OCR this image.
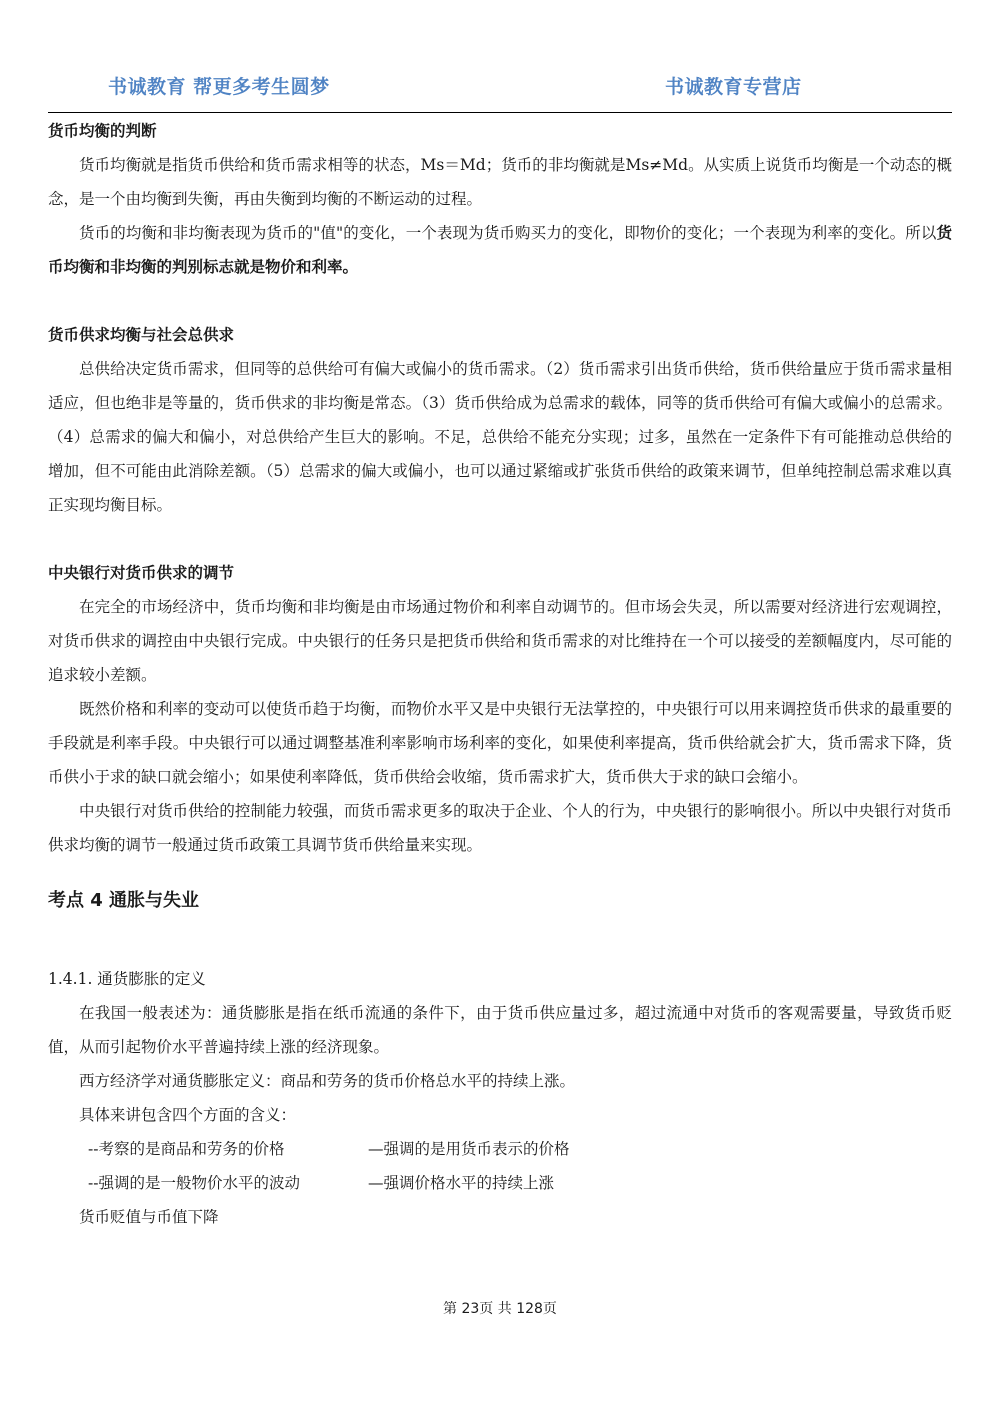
书诚教育 帮更多考生圆梦	书诚教育专营店

货币均衡的判断

货币均衡就是指货币供给和货币需求相等的状态，Ms＝Md；货币的非均衡就是Ms≠Md。从实质上说货币均衡是一个动态的概念，是一个由均衡到失衡，再由失衡到均衡的不断运动的过程。

货币的均衡和非均衡表现为货币的"值"的变化，一个表现为货币购买力的变化，即物价的变化；一个表现为利率的变化。所以货币均衡和非均衡的判别标志就是物价和利率。

货币供求均衡与社会总供求

总供给决定货币需求，但同等的总供给可有偏大或偏小的货币需求。（2）货币需求引出货币供给，货币供给量应于货币需求量相适应，但也绝非是等量的，货币供求的非均衡是常态。（3）货币供给成为总需求的载体，同等的货币供给可有偏大或偏小的总需求。（4）总需求的偏大和偏小，对总供给产生巨大的影响。不足，总供给不能充分实现；过多，虽然在一定条件下有可能推动总供给的增加，但不可能由此消除差额。（5）总需求的偏大或偏小，也可以通过紧缩或扩张货币供给的政策来调节，但单纯控制总需求难以真正实现均衡目标。

中央银行对货币供求的调节

在完全的市场经济中，货币均衡和非均衡是由市场通过物价和利率自动调节的。但市场会失灵，所以需要对经济进行宏观调控，对货币供求的调控由中央银行完成。中央银行的任务只是把货币供给和货币需求的对比维持在一个可以接受的差额幅度内，尽可能的追求较小差额。

既然价格和利率的变动可以使货币趋于均衡，而物价水平又是中央银行无法掌控的，中央银行可以用来调控货币供求的最重要的手段就是利率手段。中央银行可以通过调整基准利率影响市场利率的变化，如果使利率提高，货币供给就会扩大，货币需求下降，货币供小于求的缺口就会缩小；如果使利率降低，货币供给会收缩，货币需求扩大，货币供大于求的缺口会缩小。

中央银行对货币供给的控制能力较强，而货币需求更多的取决于企业、个人的行为，中央银行的影响很小。所以中央银行对货币供求均衡的调节一般通过货币政策工具调节货币供给量来实现。

考点 4 通胀与失业

1.4.1. 通货膨胀的定义

在我国一般表述为：通货膨胀是指在纸币流通的条件下，由于货币供应量过多，超过流通中对货币的客观需要量，导致货币贬值，从而引起物价水平普遍持续上涨的经济现象。

西方经济学对通货膨胀定义：商品和劳务的货币价格总水平的持续上涨。

具体来讲包含四个方面的含义：

--考察的是商品和劳务的价格	—强调的是用货币表示的价格
--强调的是一般物价水平的波动	—强调价格水平的持续上涨

货币贬值与币值下降

第 23页 共 128页
